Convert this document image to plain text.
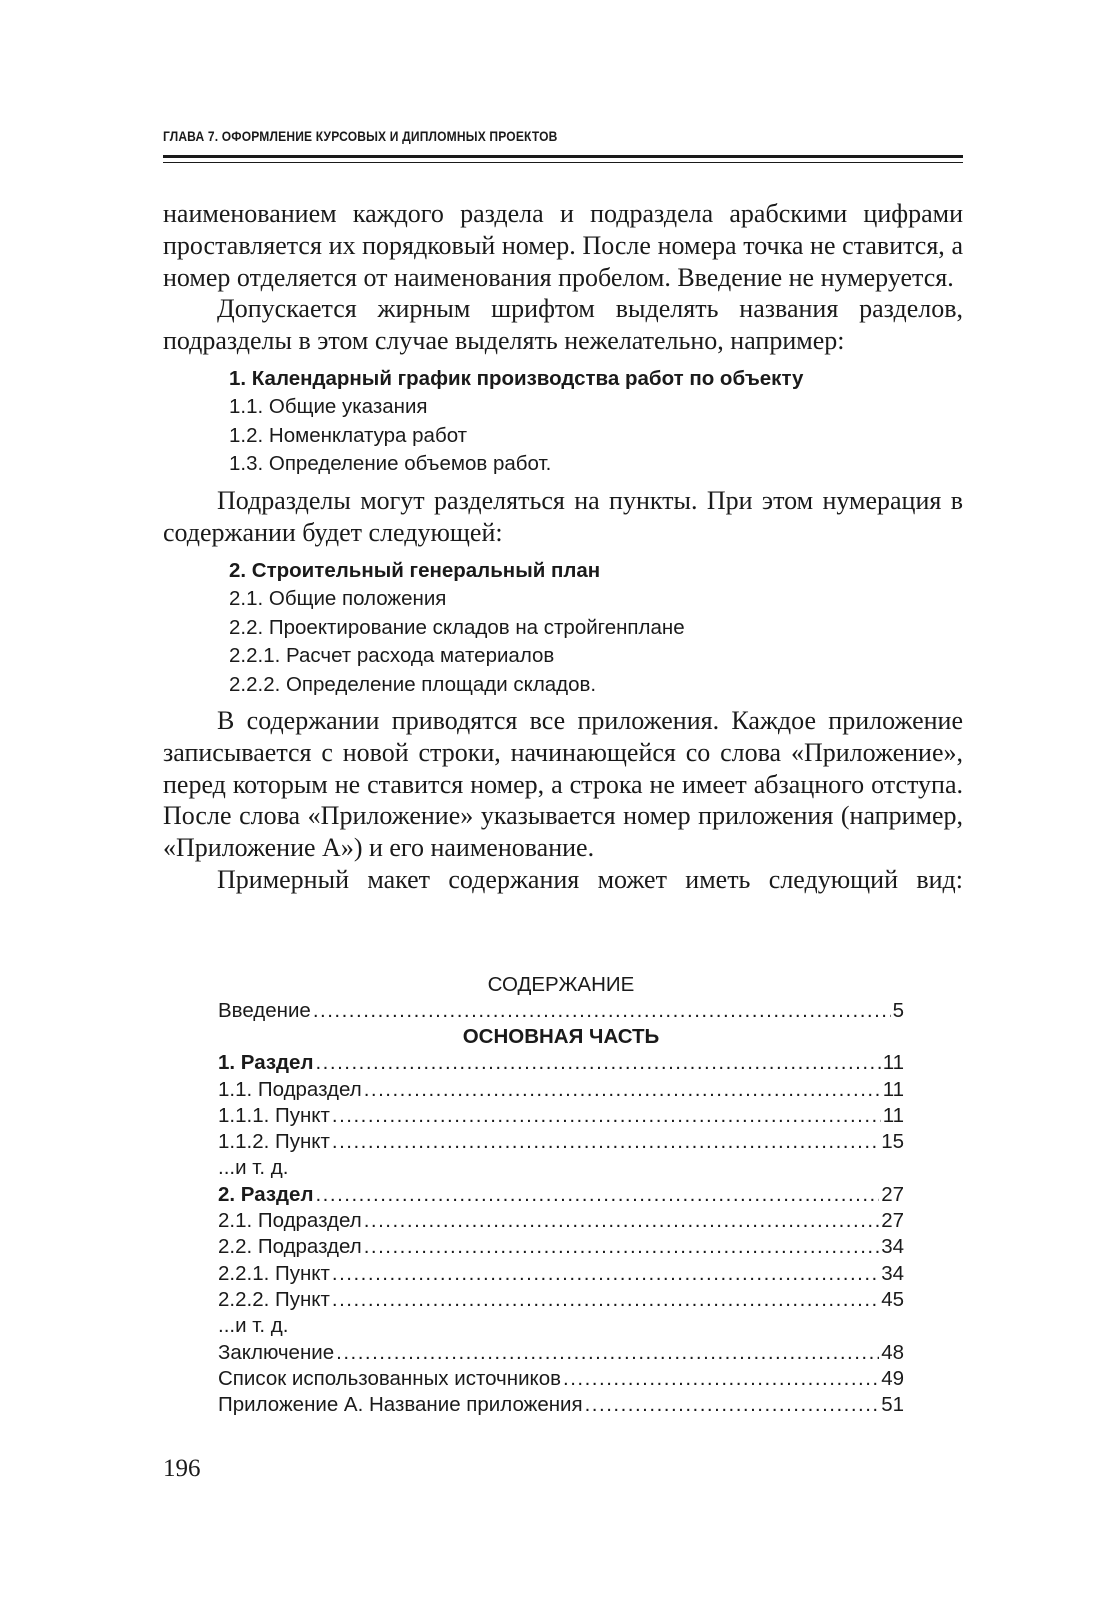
ГЛАВА 7. ОФОРМЛЕНИЕ КУРСОВЫХ И ДИПЛОМНЫХ ПРОЕКТОВ

наименованием каждого раздела и подраздела арабскими цифрами проставляется их порядковый номер. После номера точка не ставится, а номер отделяется от наименования пробелом. Введение не нумеруется.

Допускается жирным шрифтом выделять названия разделов, подразделы в этом случае выделять нежелательно, например:

1. Календарный график производства работ по объекту
1.1. Общие указания
1.2. Номенклатура работ
1.3. Определение объемов работ.

Подразделы могут разделяться на пункты. При этом нумерация в содержании будет следующей:

2. Строительный генеральный план
2.1. Общие положения
2.2. Проектирование складов на стройгенплане
2.2.1. Расчет расхода материалов
2.2.2. Определение площади складов.

В содержании приводятся все приложения. Каждое приложение записывается с новой строки, начинающейся со слова «Приложение», перед которым не ставится номер, а строка не имеет абзацного отступа. После слова «Приложение» указывается номер приложения (например, «Приложение А») и его наименование.

Примерный макет содержания может иметь следующий вид:

СОДЕРЖАНИЕ
Введение .....	5
ОСНОВНАЯ ЧАСТЬ
1. Раздел .....	11
1.1. Подраздел .....	11
1.1.1. Пункт .....	11
1.1.2. Пункт .....	15
...и т. д.
2. Раздел .....	27
2.1. Подраздел .....	27
2.2. Подраздел .....	34
2.2.1. Пункт .....	34
2.2.2. Пункт .....	45
...и т. д.
Заключение .....	48
Список использованных источников .....	49
Приложение А. Название приложения .....	51
196
